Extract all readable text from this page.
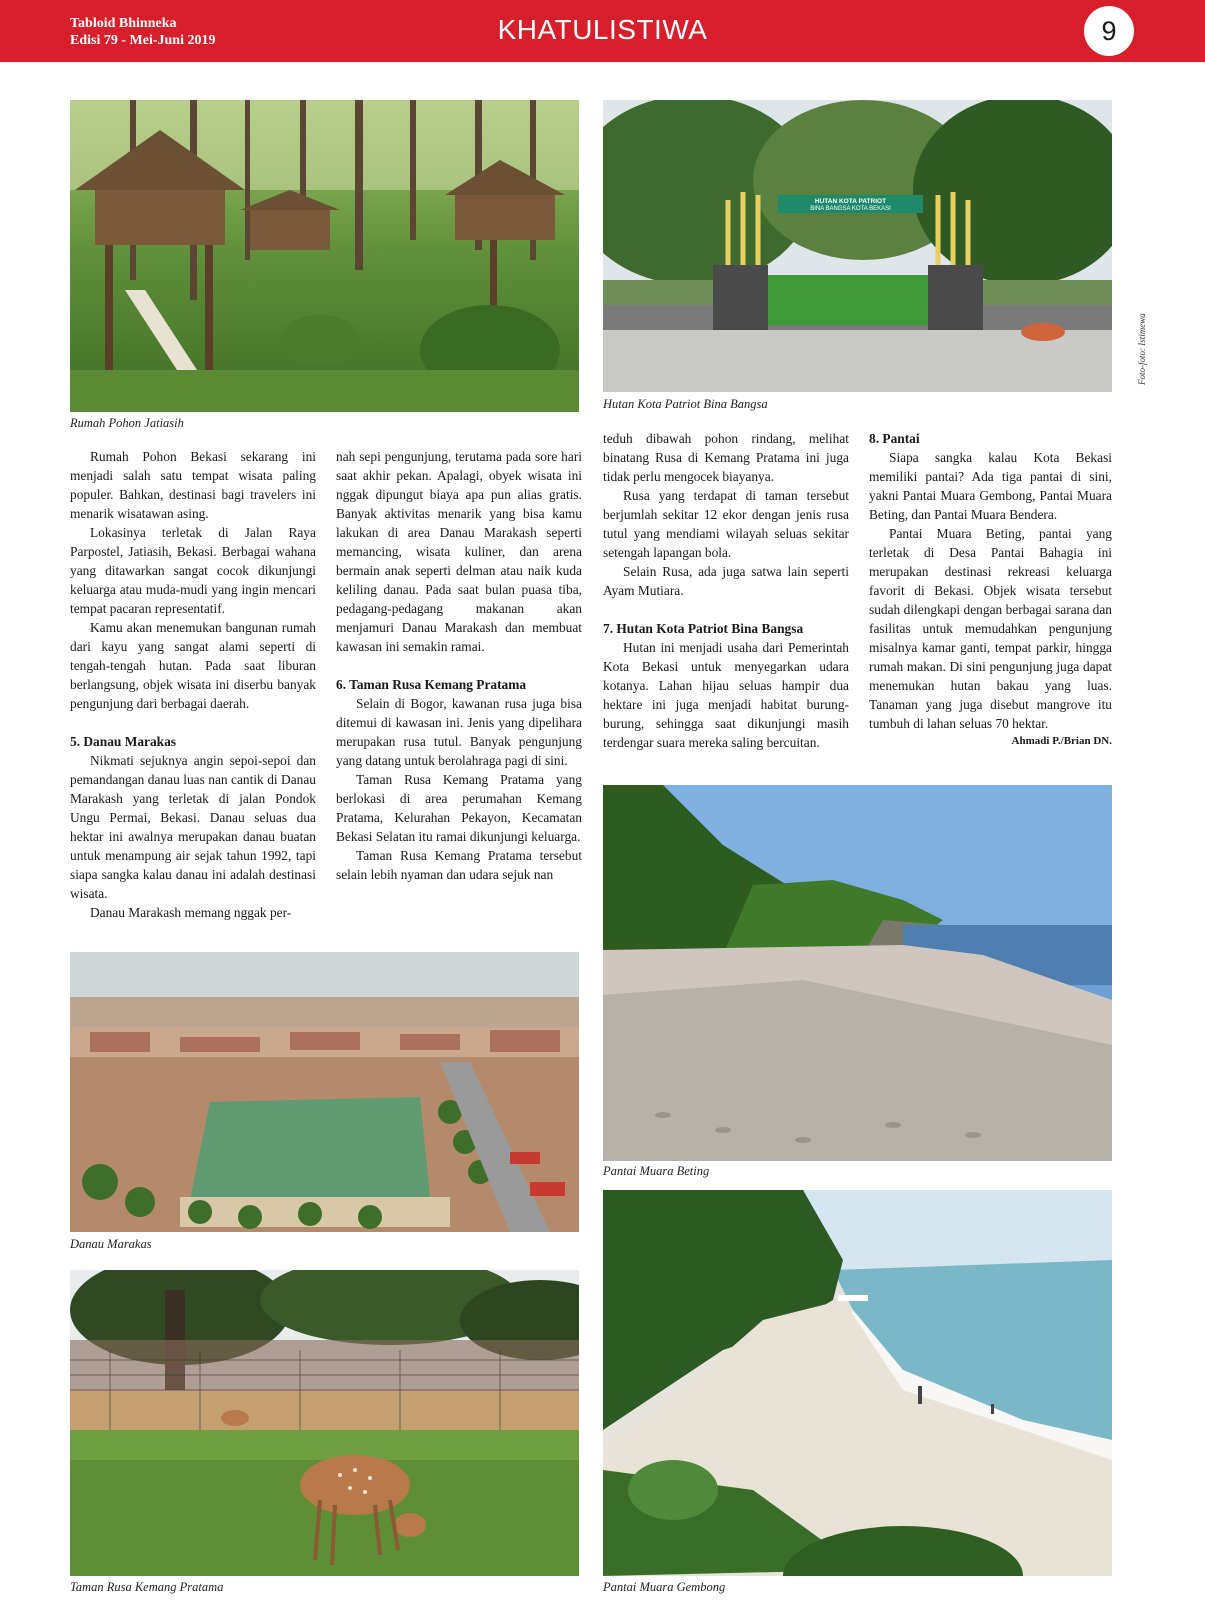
Tabloid Bhinneka
Edisi 79 - Mei-Juni 2019	KHATULISTIWA	9
Rumah Pohon Jatiasih
HUTAN KOTA PATRIOT
BINA BANGSA KOTA BEKASI
Hutan Kota Patriot Bina Bangsa
Foto-foto: Istimewa

Rumah Pohon Bekasi sekarang ini menjadi salah satu tempat wisata paling populer. Bahkan, destinasi bagi travelers ini menarik wisatawan asing.

Lokasinya terletak di Jalan Raya Parpostel, Jatiasih, Bekasi. Berbagai wahana yang ditawarkan sangat cocok dikunjungi keluarga atau muda-mudi yang ingin mencari tempat pacaran representatif.

Kamu akan menemukan bangunan rumah dari kayu yang sangat alami seperti di tengah-tengah hutan. Pada saat liburan berlangsung, objek wisata ini diserbu banyak pengunjung dari berbagai daerah.

5. Danau Marakas

Nikmati sejuknya angin sepoi-sepoi dan pemandangan danau luas nan cantik di Danau Marakash yang terletak di jalan Pondok Ungu Permai, Bekasi. Danau seluas dua hektar ini awalnya merupakan danau buatan untuk menampung air sejak tahun 1992, tapi siapa sangka kalau danau ini adalah destinasi wisata.

Danau Marakash memang nggak per-

nah sepi pengunjung, terutama pada sore hari saat akhir pekan. Apalagi, obyek wisata ini nggak dipungut biaya apa pun alias gratis. Banyak aktivitas menarik yang bisa kamu lakukan di area Danau Marakash seperti memancing, wisata kuliner, dan arena bermain anak seperti delman atau naik kuda keliling danau. Pada saat bulan puasa tiba, pedagang-pedagang makanan akan menjamuri Danau Marakash dan membuat kawasan ini semakin ramai.

6. Taman Rusa Kemang Pratama

Selain di Bogor, kawanan rusa juga bisa ditemui di kawasan ini. Jenis yang dipelihara merupakan rusa tutul. Banyak pengunjung yang datang untuk berolahraga pagi di sini.

Taman Rusa Kemang Pratama yang berlokasi di area perumahan Kemang Pratama, Kelurahan Pekayon, Kecamatan Bekasi Selatan itu ramai dikunjungi keluarga.

Taman Rusa Kemang Pratama tersebut selain lebih nyaman dan udara sejuk nan

teduh dibawah pohon rindang, melihat binatang Rusa di Kemang Pratama ini juga tidak perlu mengocek biayanya.

Rusa yang terdapat di taman tersebut berjumlah sekitar 12 ekor dengan jenis rusa tutul yang mendiami wilayah seluas sekitar setengah lapangan bola.

Selain Rusa, ada juga satwa lain seperti Ayam Mutiara.

7. Hutan Kota Patriot Bina Bangsa

Hutan ini menjadi usaha dari Pemerintah Kota Bekasi untuk menyegarkan udara kotanya. Lahan hijau seluas hampir dua hektare ini juga menjadi habitat burung-burung, sehingga saat dikunjungi masih terdengar suara mereka saling bercuitan.

8. Pantai

Siapa sangka kalau Kota Bekasi memiliki pantai? Ada tiga pantai di sini, yakni Pantai Muara Gembong, Pantai Muara Beting, dan Pantai Muara Bendera.

Pantai Muara Beting, pantai yang terletak di Desa Pantai Bahagia ini merupakan destinasi rekreasi keluarga favorit di Bekasi. Objek wisata tersebut sudah dilengkapi dengan berbagai sarana dan fasilitas untuk memudahkan pengunjung misalnya kamar ganti, tempat parkir, hingga rumah makan. Di sini pengunjung juga dapat menemukan hutan bakau yang luas. Tanaman yang juga disebut mangrove itu tumbuh di lahan seluas 70 hektar.

Ahmadi P./Brian DN.
Danau Marakas
Taman Rusa Kemang Pratama
Pantai Muara Beting
Pantai Muara Gembong
